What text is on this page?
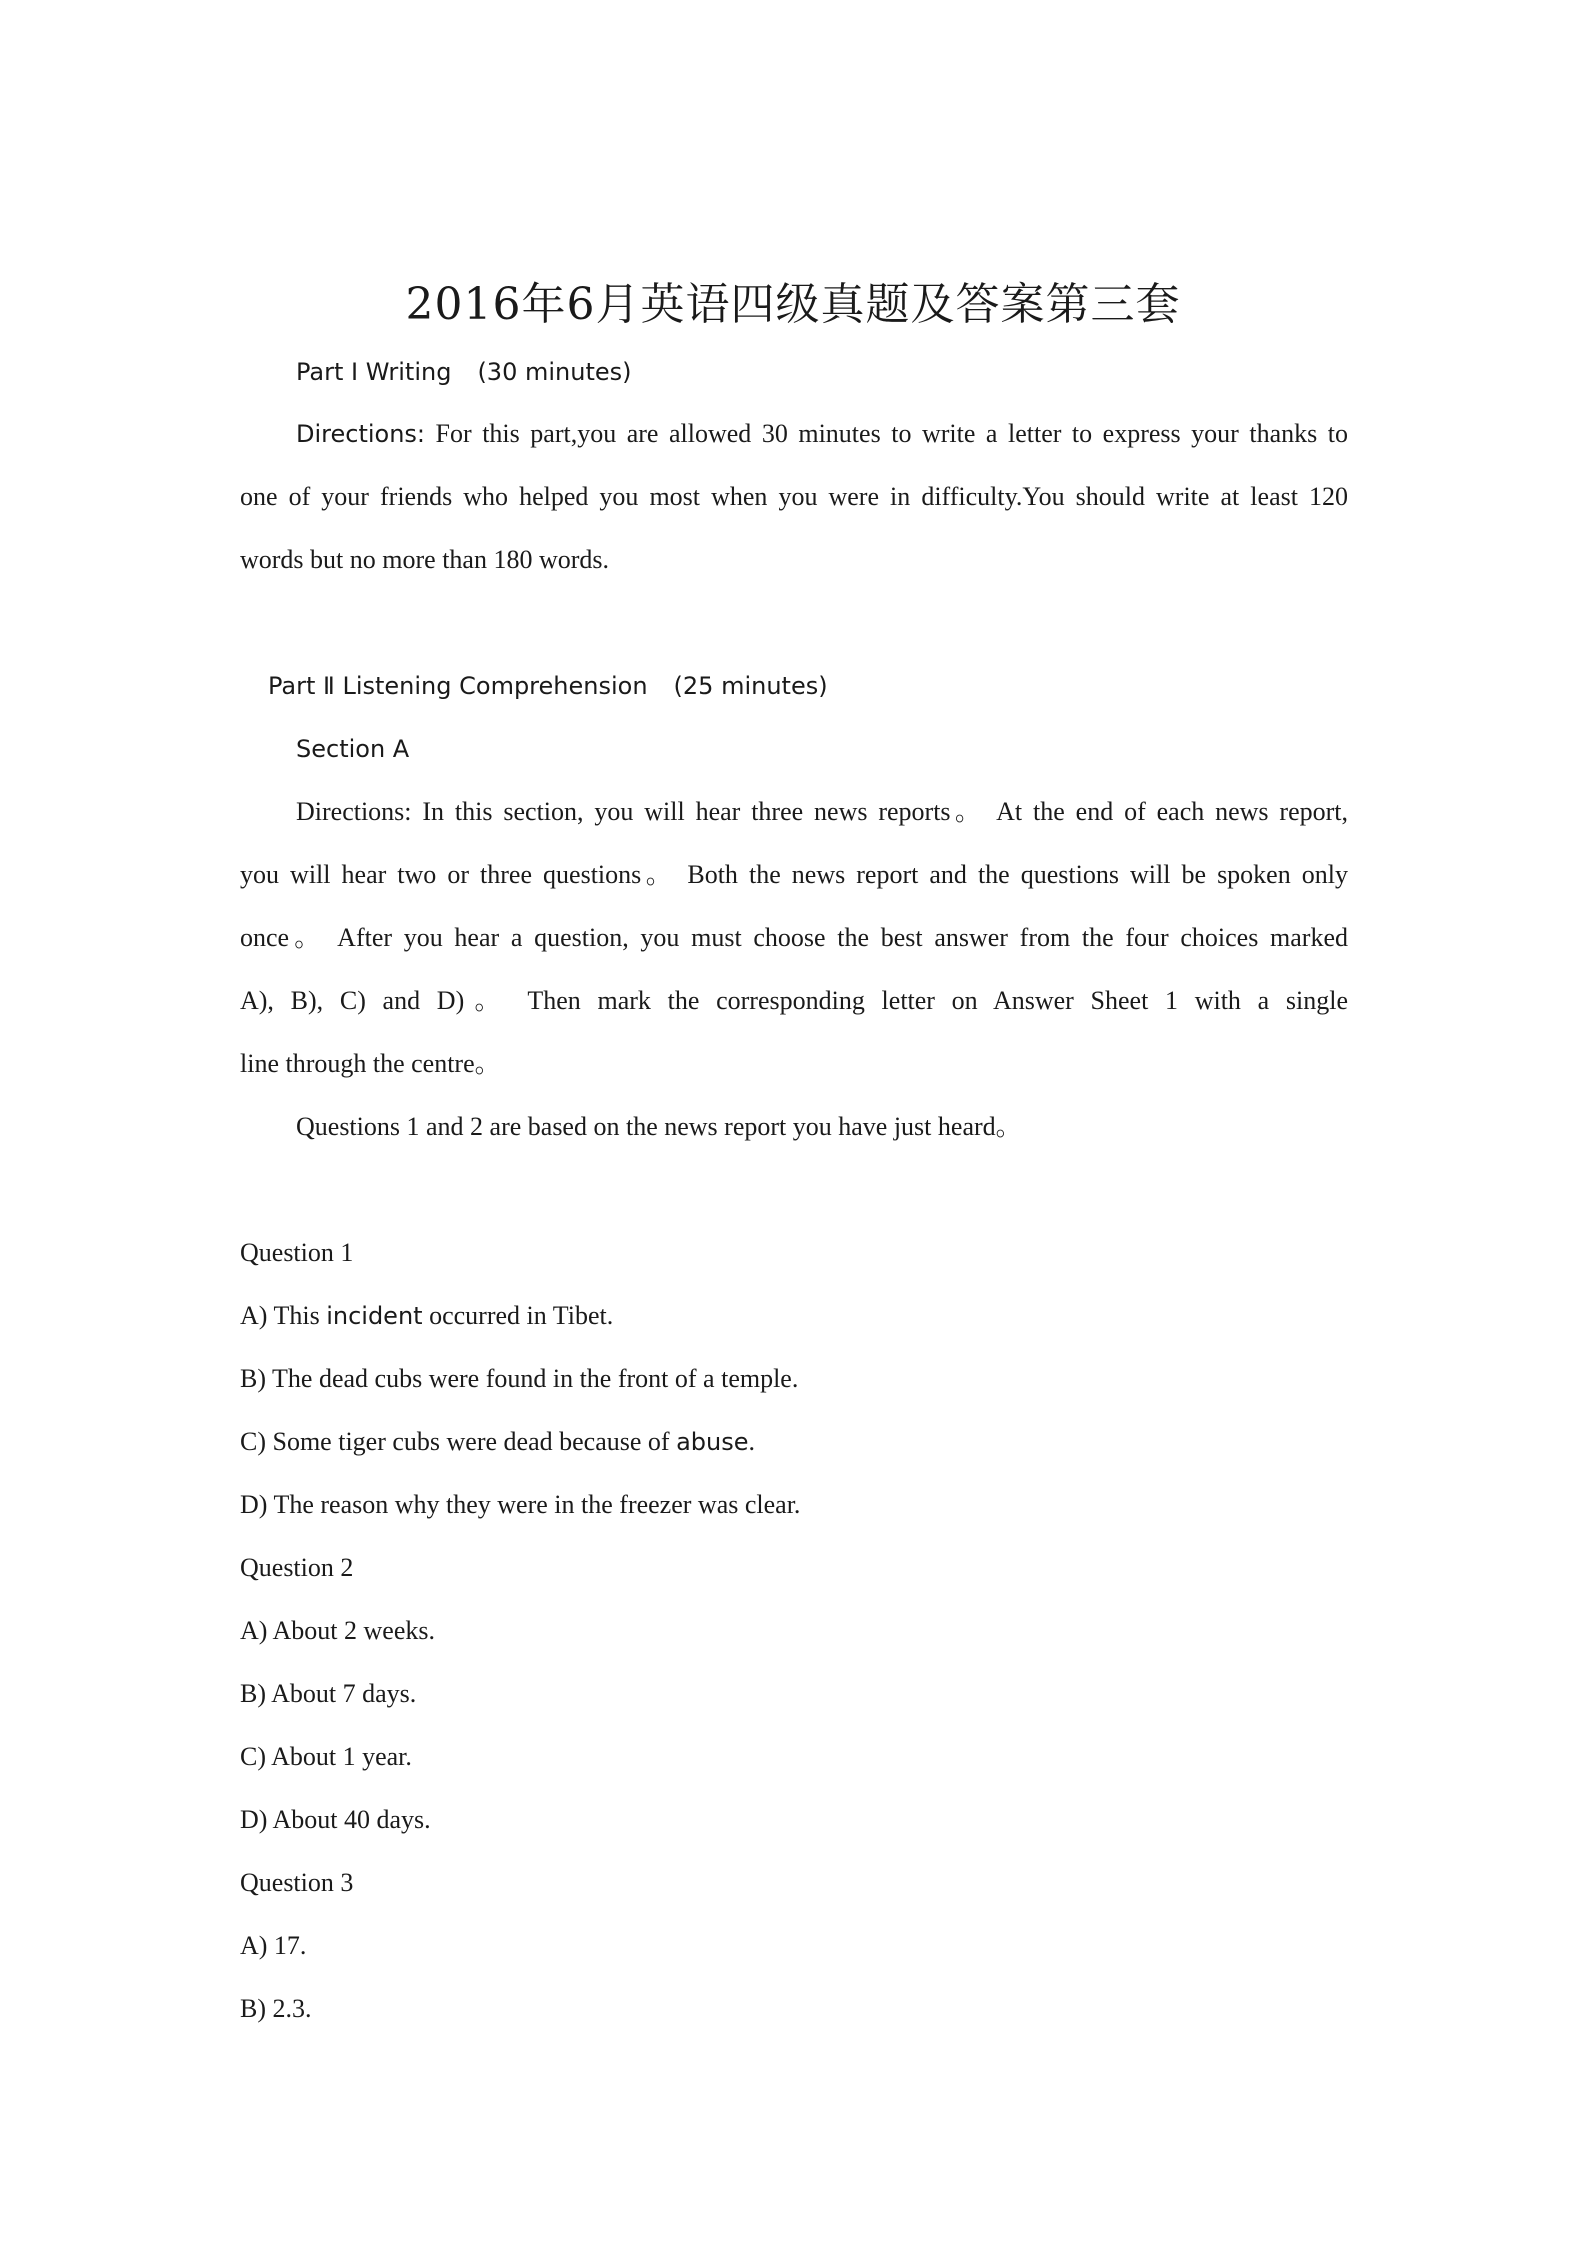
2016年6月英语四级真题及答案第三套

Part I Writing (30 minutes)

Directions: For this part,you are allowed 30 minutes to write a letter to express your thanks to

one of your friends who helped you most when you were in difficulty.You should write at least 120

words but no more than 180 words.

Part Ⅱ Listening Comprehension (25 minutes)

Section A

Directions: In this section, you will hear three news reports。 At the end of each news report,

you will hear two or three questions。 Both the news report and the questions will be spoken only

once。 After you hear a question, you must choose the best answer from the four choices marked

A), B), C) and D)。 Then mark the corresponding letter on Answer Sheet 1 with a single

line through the centre。

Questions 1 and 2 are based on the news report you have just heard。

Question 1

A) This incident occurred in Tibet.

B) The dead cubs were found in the front of a temple.

C) Some tiger cubs were dead because of abuse.

D) The reason why they were in the freezer was clear.

Question 2

A) About 2 weeks.

B) About 7 days.

C) About 1 year.

D) About 40 days.

Question 3

A) 17.

B) 2.3.
